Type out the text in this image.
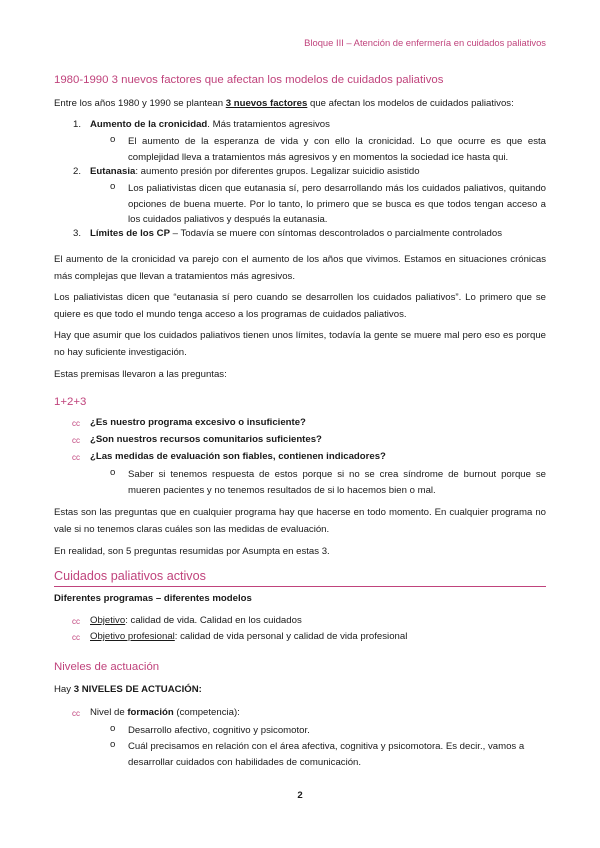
Bloque III – Atención de enfermería en cuidados paliativos
1980-1990 3 nuevos factores que afectan los modelos de cuidados paliativos
Entre los años 1980 y 1990 se plantean 3 nuevos factores que afectan los modelos de cuidados paliativos:
1. Aumento de la cronicidad. Más tratamientos agresivos
o El aumento de la esperanza de vida y con ello la cronicidad. Lo que ocurre es que esta complejidad lleva a tratamientos más agresivos y en momentos la sociedad ice hasta qui.
2. Eutanasia: aumento presión por diferentes grupos. Legalizar suicidio asistido
o Los paliativistas dicen que eutanasia sí, pero desarrollando más los cuidados paliativos, quitando opciones de buena muerte. Por lo tanto, lo primero que se busca es que todos tengan acceso a los cuidados paliativos y después la eutanasia.
3. Límites de los CP – Todavía se muere con síntomas descontrolados o parcialmente controlados
El aumento de la cronicidad va parejo con el aumento de los años que vivimos. Estamos en situaciones crónicas más complejas que llevan a tratamientos más agresivos.
Los paliativistas dicen que “eutanasia sí pero cuando se desarrollen los cuidados paliativos”. Lo primero que se quiere es que todo el mundo tenga acceso a los programas de cuidados paliativos.
Hay que asumir que los cuidados paliativos tienen unos límites, todavía la gente se muere mal pero eso es porque no hay suficiente investigación.
Estas premisas llevaron a las preguntas:
1+2+3
cc ¿Es nuestro programa excesivo o insuficiente?
cc ¿Son nuestros recursos comunitarios suficientes?
cc ¿Las medidas de evaluación son fiables, contienen indicadores?
o Saber si tenemos respuesta de estos porque si no se crea síndrome de burnout porque se mueren pacientes y no tenemos resultados de si lo hacemos bien o mal.
Estas son las preguntas que en cualquier programa hay que hacerse en todo momento. En cualquier programa no vale si no tenemos claras cuáles son las medidas de evaluación.
En realidad, son 5 preguntas resumidas por Asumpta en estas 3.
Cuidados paliativos activos
Diferentes programas – diferentes modelos
cc Objetivo: calidad de vida. Calidad en los cuidados
cc Objetivo profesional: calidad de vida personal y calidad de vida profesional
Niveles de actuación
Hay 3 NIVELES DE ACTUACIÓN:
cc Nivel de formación (competencia):
o Desarrollo afectivo, cognitivo y psicomotor.
o Cuál precisamos en relación con el área afectiva, cognitiva y psicomotora. Es decir., vamos a desarrollar cuidados con habilidades de comunicación.
2
